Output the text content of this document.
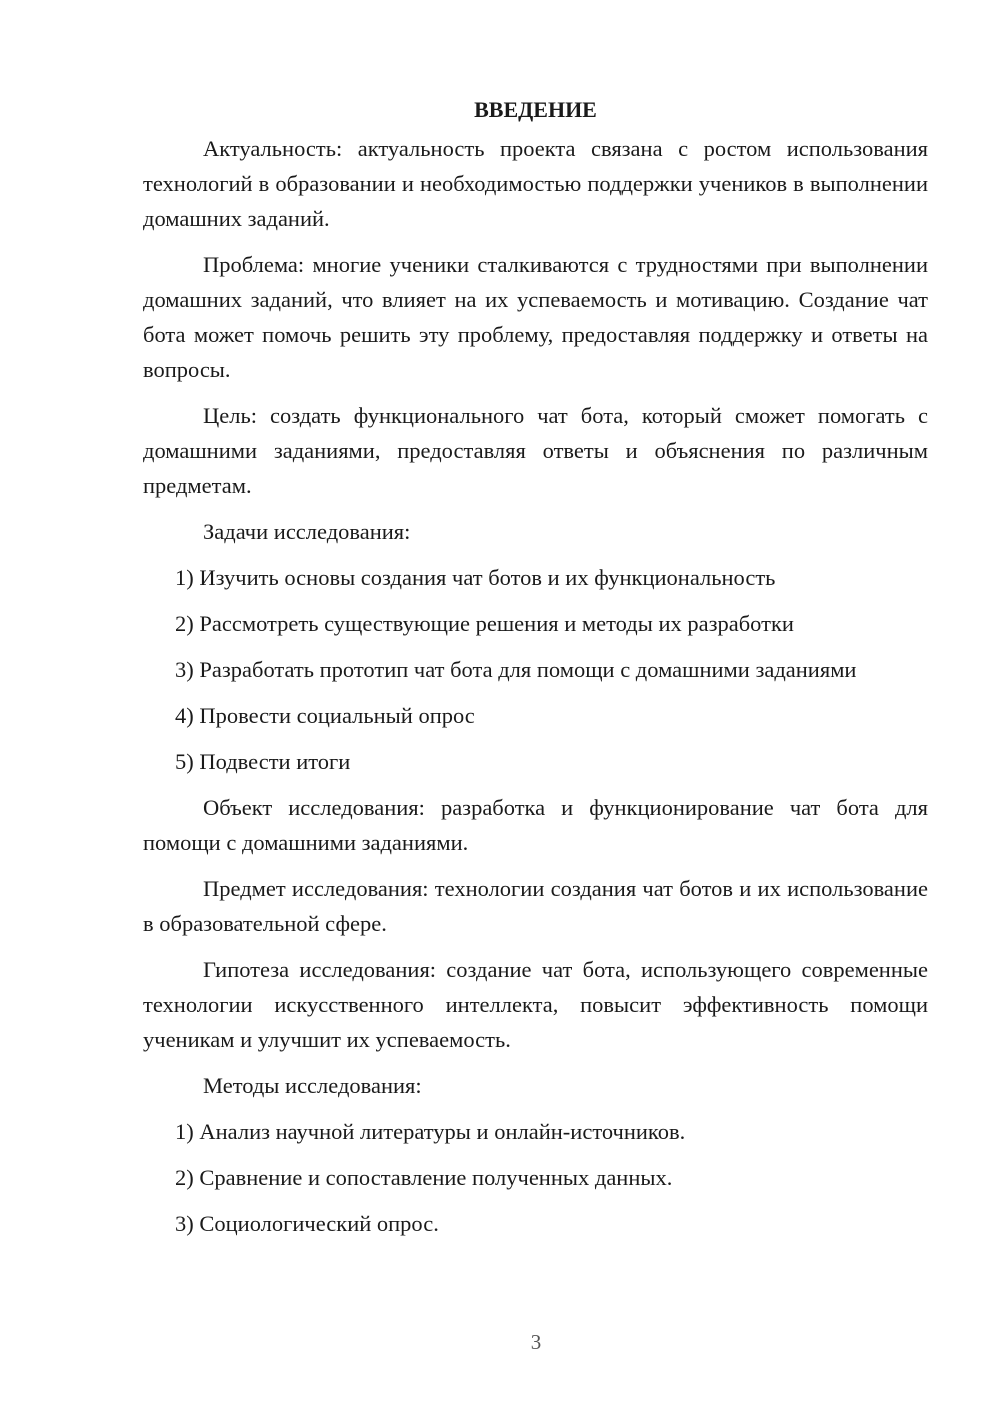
ВВЕДЕНИЕ

Актуальность: актуальность проекта связана с ростом использования технологий в образовании и необходимостью поддержки учеников в выполнении домашних заданий.

Проблема: многие ученики сталкиваются с трудностями при выполнении домашних заданий, что влияет на их успеваемость и мотивацию. Создание чат бота может помочь решить эту проблему, предоставляя поддержку и ответы на вопросы.

Цель: создать функционального чат бота, который сможет помогать с домашними заданиями, предоставляя ответы и объяснения по различным предметам.

Задачи исследования:

1) Изучить основы создания чат ботов и их функциональность

2) Рассмотреть существующие решения и методы их разработки

3) Разработать прототип чат бота для помощи с домашними заданиями

4) Провести социальный опрос

5) Подвести итоги

Объект исследования: разработка и функционирование чат бота для помощи с домашними заданиями.

Предмет исследования: технологии создания чат ботов и их использование в образовательной сфере.

Гипотеза исследования: создание чат бота, использующего современные технологии искусственного интеллекта, повысит эффективность помощи ученикам и улучшит их успеваемость.

Методы исследования:

1) Анализ научной литературы и онлайн-источников.

2) Сравнение и сопоставление полученных данных.

3) Социологический опрос.

3
